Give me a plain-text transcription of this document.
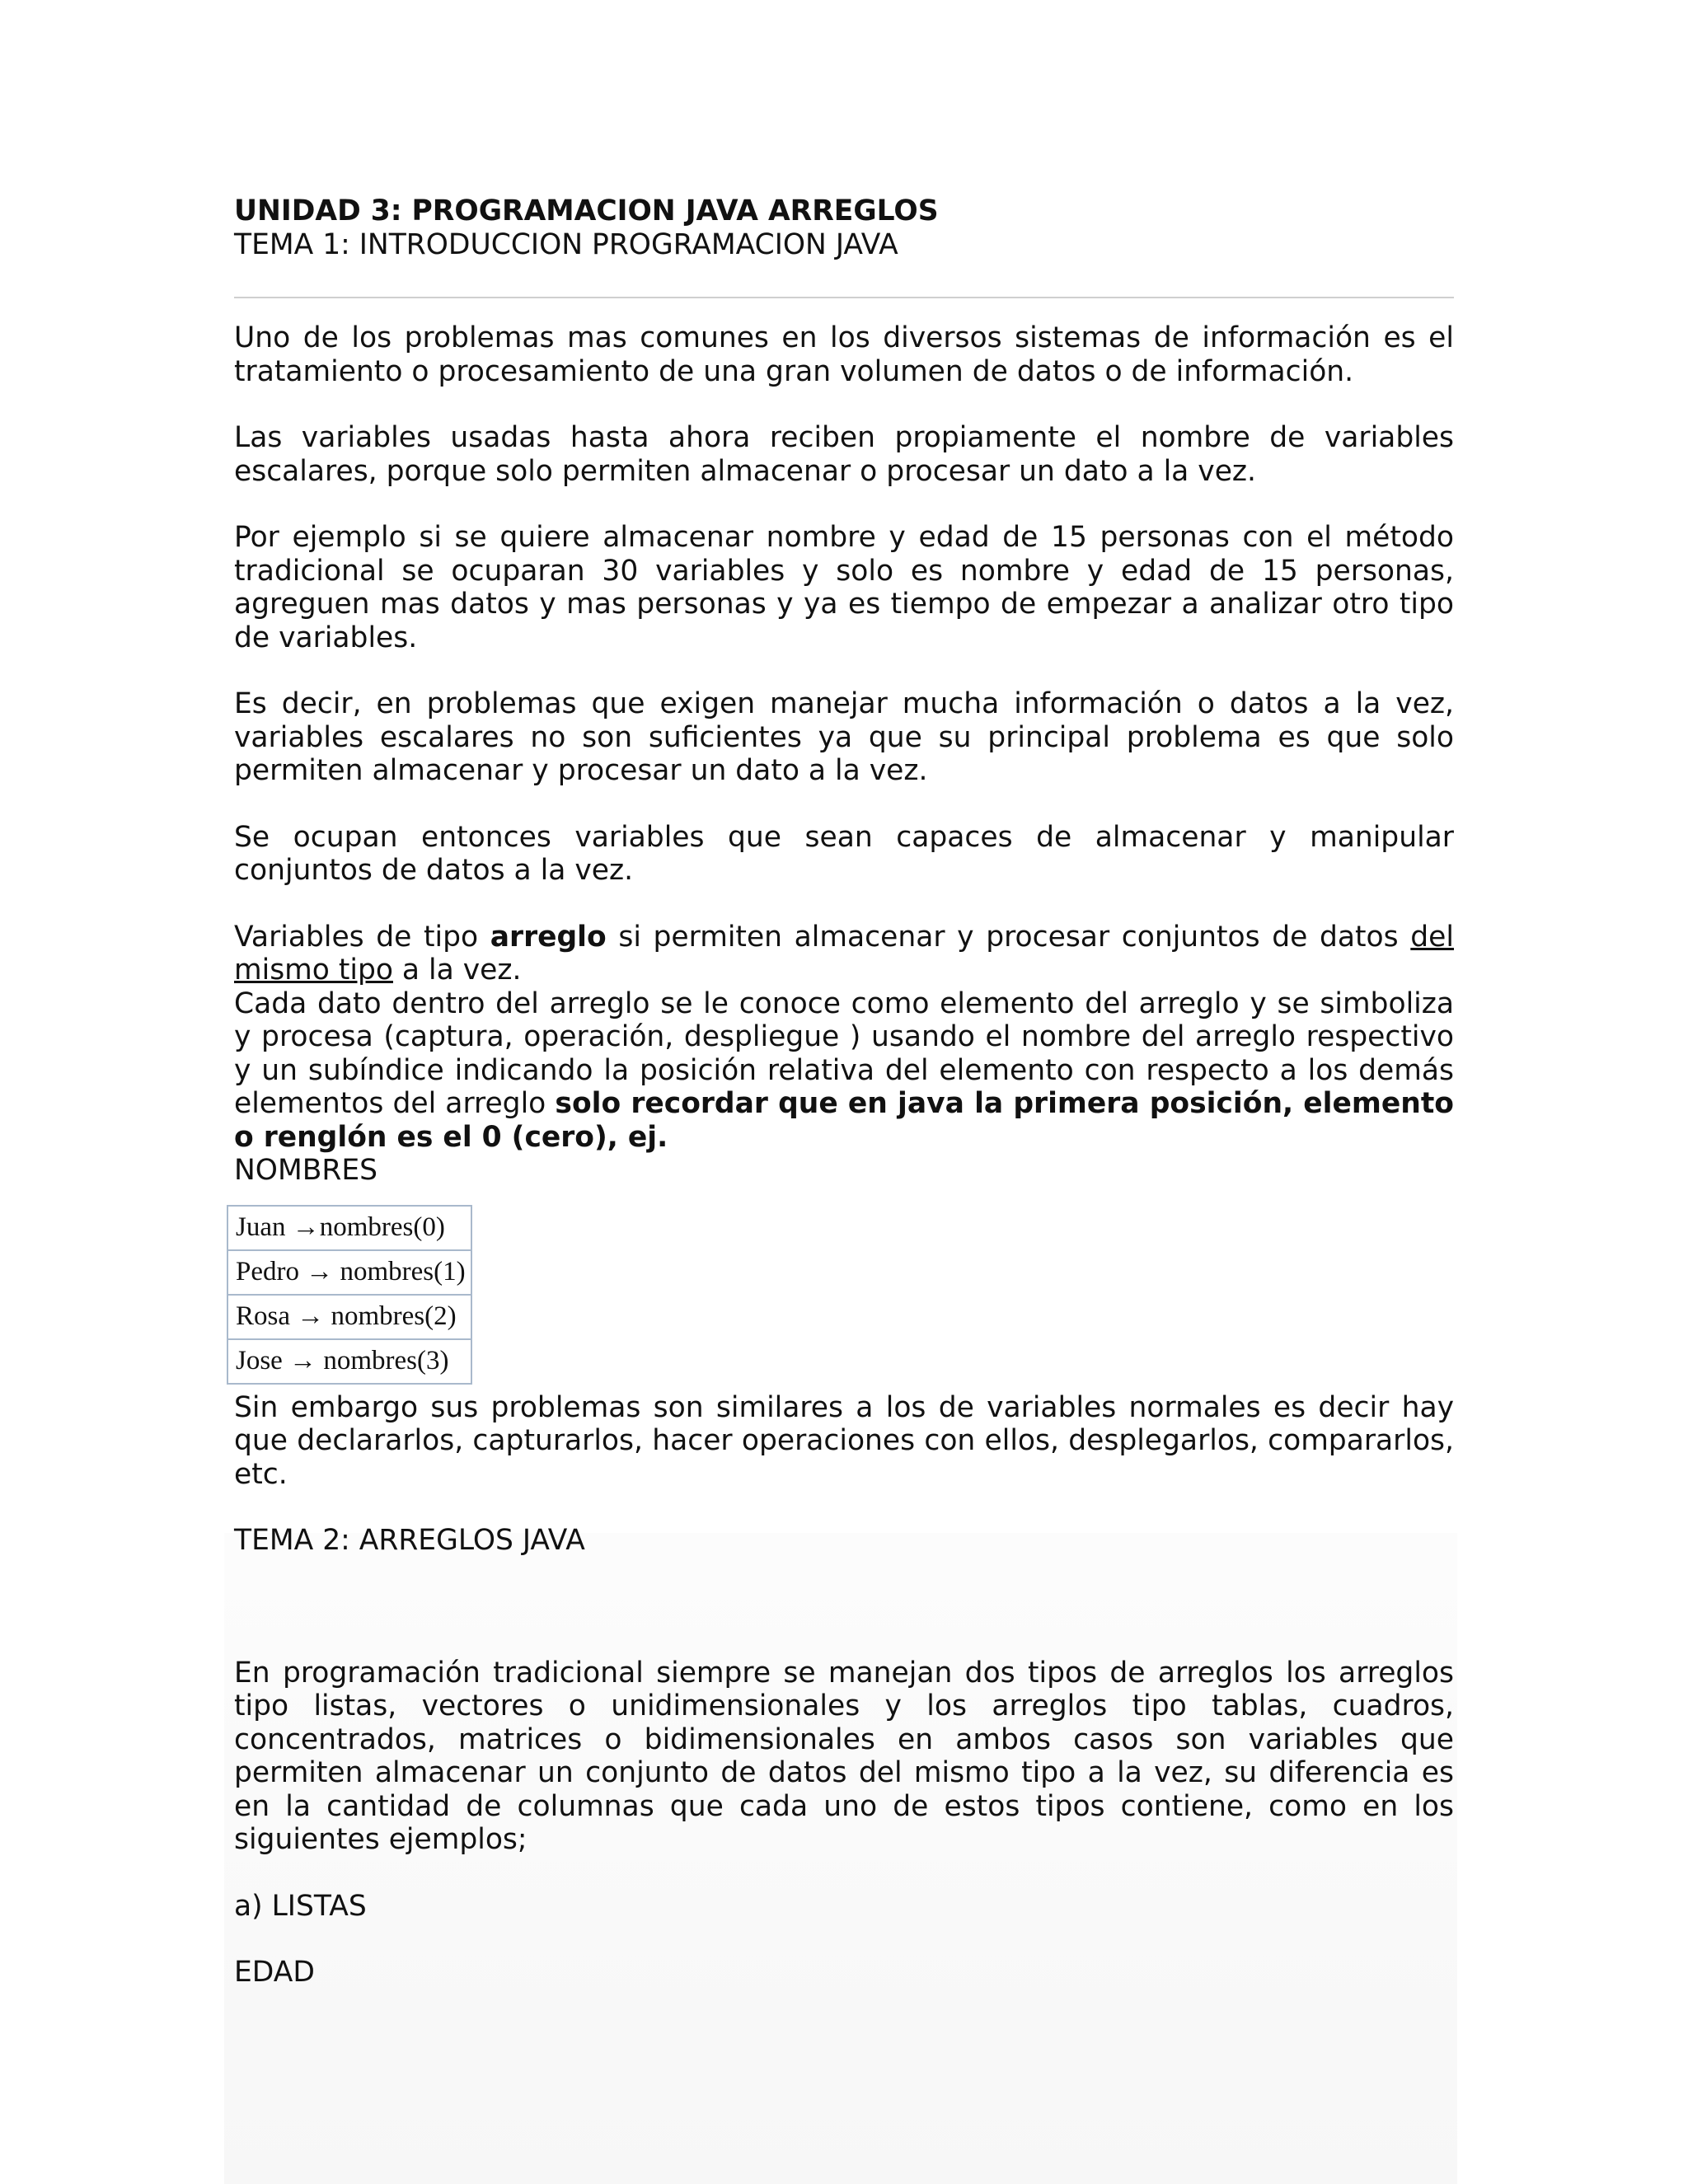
UNIDAD 3: PROGRAMACION JAVA ARREGLOS

TEMA 1: INTRODUCCION PROGRAMACION JAVA

Uno de los problemas mas comunes en los diversos sistemas de información es el tratamiento o procesamiento de una gran volumen de datos o de información.

Las variables usadas hasta ahora reciben propiamente el nombre de variables escalares, porque solo permiten almacenar o procesar un dato a la vez.

Por ejemplo si se quiere almacenar nombre y edad de 15 personas con el método tradicional se ocuparan 30 variables y solo es nombre y edad de 15 personas, agreguen mas datos y mas personas y ya es tiempo de empezar a analizar otro tipo de variables.

Es decir, en problemas que exigen manejar mucha información o datos a la vez, variables escalares no son suficientes ya que su principal problema es que solo permiten almacenar y procesar un dato a la vez.

Se ocupan entonces variables que sean capaces de almacenar y manipular conjuntos de datos a la vez.

Variables de tipo arreglo si permiten almacenar y procesar conjuntos de datos del mismo tipo a la vez.

Cada dato dentro del arreglo se le conoce como elemento del arreglo y se simboliza y procesa (captura, operación, despliegue ) usando el nombre del arreglo respectivo y un subíndice indicando la posición relativa del elemento con respecto a los demás elementos del arreglo solo recordar que en java la primera posición, elemento o renglón es el 0 (cero), ej.

NOMBRES

Juan →nombres(0)
Pedro → nombres(1)
Rosa → nombres(2)
Jose → nombres(3)

Sin embargo sus problemas son similares a los de variables normales es decir hay que declararlos, capturarlos, hacer operaciones con ellos, desplegarlos, compararlos, etc.

TEMA 2: ARREGLOS JAVA

En programación tradicional siempre se manejan dos tipos de arreglos los arreglos tipo listas, vectores o unidimensionales y los arreglos tipo tablas, cuadros, concentrados, matrices o bidimensionales en ambos casos son variables que permiten almacenar un conjunto de datos del mismo tipo a la vez, su diferencia es en la cantidad de columnas que cada uno de estos tipos contiene, como en los siguientes ejemplos;

a) LISTAS

EDAD
